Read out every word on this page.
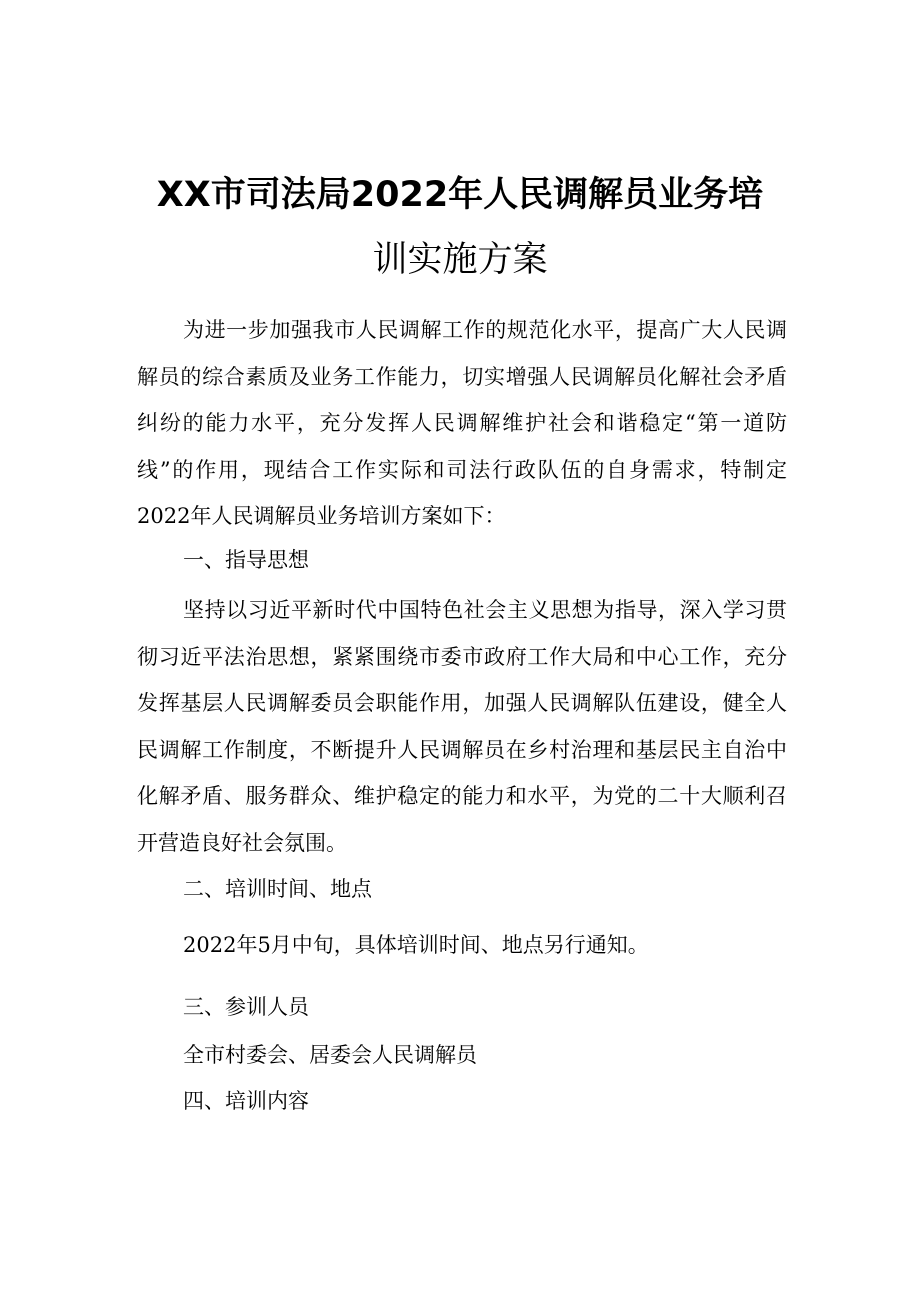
XX市司法局2022年人民调解员业务培
训实施方案

为进一步加强我市人民调解工作的规范化水平，提高广大人民调解员的综合素质及业务工作能力，切实增强人民调解员化解社会矛盾纠纷的能力水平，充分发挥人民调解维护社会和谐稳定“第一道防线”的作用，现结合工作实际和司法行政队伍的自身需求，特制定2022年人民调解员业务培训方案如下：

一、指导思想

坚持以习近平新时代中国特色社会主义思想为指导，深入学习贯彻习近平法治思想，紧紧围绕市委市政府工作大局和中心工作，充分发挥基层人民调解委员会职能作用，加强人民调解队伍建设，健全人民调解工作制度，不断提升人民调解员在乡村治理和基层民主自治中化解矛盾、服务群众、维护稳定的能力和水平，为党的二十大顺利召开营造良好社会氛围。

二、培训时间、地点

2022年5月中旬，具体培训时间、地点另行通知。

三、参训人员

全市村委会、居委会人民调解员

四、培训内容
